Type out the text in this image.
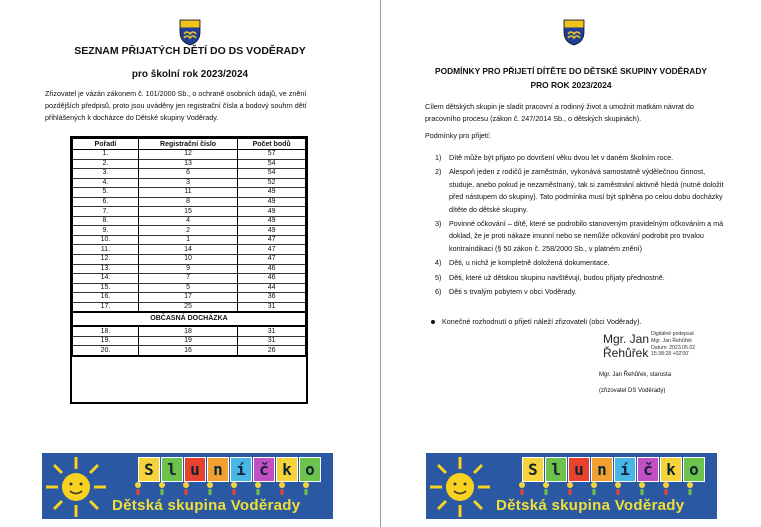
SEZNAM PŘIJATÝCH DĚTÍ DO DS VODĚRADY
pro školní rok 2023/2024
Zřizovatel je vázán zákonem č. 101/2000 Sb., o ochraně osobních údajů, ve znění pozdějších předpisů, proto jsou uváděny jen registrační čísla a bodový souhrn dětí přihlášených k docházce do Dětské skupiny Voděrady.
Pořadí	Registrační číslo	Počet bodů
1.	12	57
2.	13	54
3.	6	54
4.	3	52
5.	11	49
6.	8	49
7.	15	49
8.	4	49
9.	2	49
10.	1	47
11.	14	47
12.	10	47
13.	9	46
14.	7	46
15.	5	44
16.	17	36
17.	25	31
OBČASNÁ DOCHÁZKA		
18.	18	31
19.	19	31
20.	16	26
S l u n í č k o
Dětská skupina Voděrady
PODMÍNKY PRO PŘIJETÍ DÍTĚTE DO DĚTSKÉ SKUPINY VODĚRADY
PRO ROK 2023/2024
Cílem dětských skupin je sladit pracovní a rodinný život a umožnit matkám návrat do pracovního procesu (zákon č. 247/2014 Sb., o dětských skupinách).
Podmínky pro přijetí:
1) Dítě může být přijato po dovršení věku dvou let v daném školním roce.
2) Alespoň jeden z rodičů je zaměstnán, vykonává samostatně výdělečnou činnost, studuje, anebo pokud je nezaměstnaný, tak si zaměstnání aktivně hledá (nutné doložit před nástupem do skupiny). Tato podmínka musí být splněna po celou dobu docházky dítěte do dětské skupiny.
3) Povinné očkování – dítě, které se podrobilo stanoveným pravidelným očkováním a má doklad, že je proti nákaze imunní nebo se nemůže očkování podrobit pro trvalou kontraindikaci (§ 50 zákon č. 258/2000 Sb., v platném znění)
4) Děti, u nichž je kompletně doložená dokumentace.
5) Děti, které už dětskou skupinu navštěvují, budou přijaty přednostně.
6) Děti s trvalým pobytem v obci Voděrady.
Konečné rozhodnutí o přijetí náleží zřizovateli (obci Voděrady).
Mgr. Jan
Řehůřek
Digitálně podepsal
Mgr. Jan Řehůřek
Datum: 2023.05.02
15:38:28 +02'00'
Mgr. Jan Řehůřek, starosta
(zřizovatel DS Voděrady)
S l u n í č k o
Dětská skupina Voděrady
